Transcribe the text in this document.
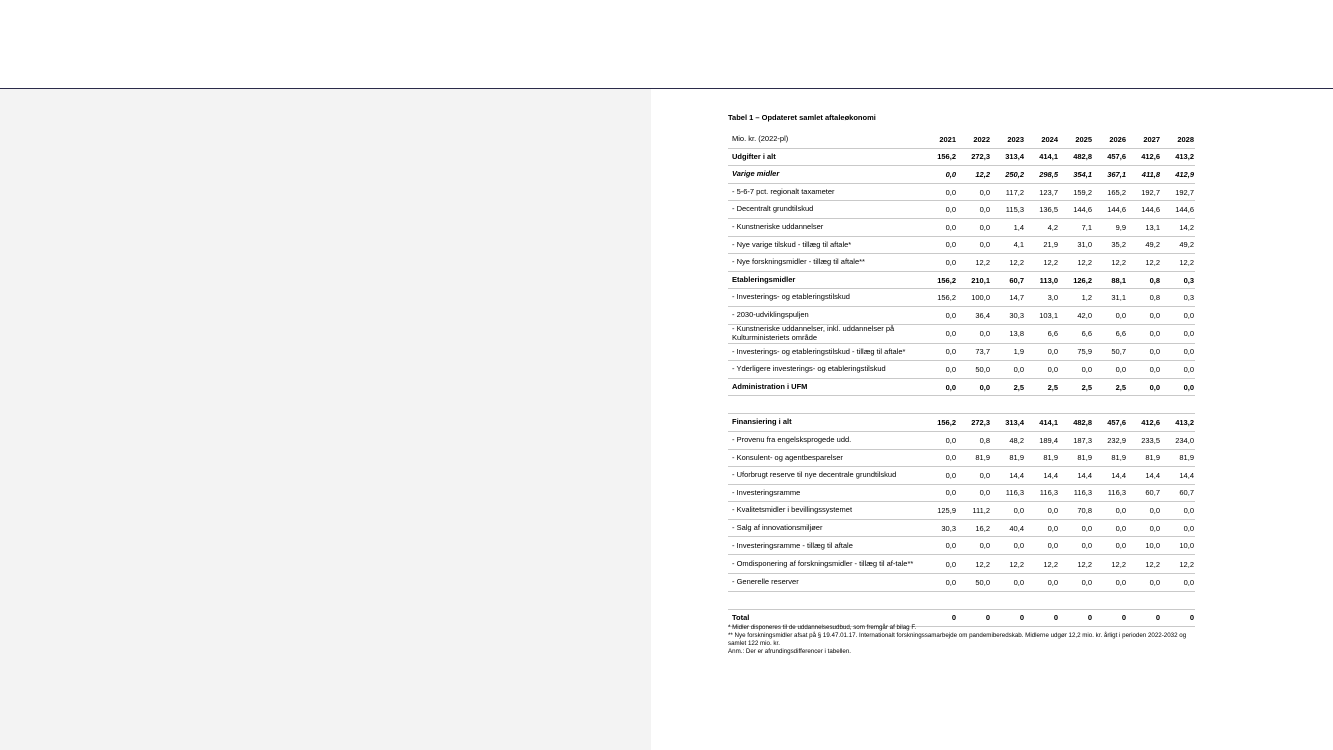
Tabel 1 – Opdateret samlet aftaleøkonomi
Mio. kr. (2022-pl)	2021	2022	2023	2024	2025	2026	2027	2028
Udgifter i alt	156,2	272,3	313,4	414,1	482,8	457,6	412,6	413,2
Varige midler	0,0	12,2	250,2	298,5	354,1	367,1	411,8	412,9
- 5-6-7 pct. regionalt taxameter	0,0	0,0	117,2	123,7	159,2	165,2	192,7	192,7
- Decentralt grundtilskud	0,0	0,0	115,3	136,5	144,6	144,6	144,6	144,6
- Kunstneriske uddannelser	0,0	0,0	1,4	4,2	7,1	9,9	13,1	14,2
- Nye varige tilskud - tillæg til aftale*	0,0	0,0	4,1	21,9	31,0	35,2	49,2	49,2
- Nye forskningsmidler - tillæg til aftale**	0,0	12,2	12,2	12,2	12,2	12,2	12,2	12,2
Etableringsmidler	156,2	210,1	60,7	113,0	126,2	88,1	0,8	0,3
- Investerings- og etableringstilskud	156,2	100,0	14,7	3,0	1,2	31,1	0,8	0,3
- 2030-udviklingspuljen	0,0	36,4	30,3	103,1	42,0	0,0	0,0	0,0
- Kunstneriske uddannelser, inkl. uddannelser på Kulturministeriets område	0,0	0,0	13,8	6,6	6,6	6,6	0,0	0,0
- Investerings- og etableringstilskud - tillæg til aftale*	0,0	73,7	1,9	0,0	75,9	50,7	0,0	0,0
- Yderligere investerings- og etableringstilskud	0,0	50,0	0,0	0,0	0,0	0,0	0,0	0,0
Administration i UFM	0,0	0,0	2,5	2,5	2,5	2,5	0,0	0,0

Finansiering i alt	156,2	272,3	313,4	414,1	482,8	457,6	412,6	413,2
- Provenu fra engelsksprogede udd.	0,0	0,8	48,2	189,4	187,3	232,9	233,5	234,0
- Konsulent- og agentbesparelser	0,0	81,9	81,9	81,9	81,9	81,9	81,9	81,9
- Uforbrugt reserve til nye decentrale grundtilskud	0,0	0,0	14,4	14,4	14,4	14,4	14,4	14,4
- Investeringsramme	0,0	0,0	116,3	116,3	116,3	116,3	60,7	60,7
- Kvalitetsmidler i bevillingssystemet	125,9	111,2	0,0	0,0	70,8	0,0	0,0	0,0
- Salg af innovationsmiljøer	30,3	16,2	40,4	0,0	0,0	0,0	0,0	0,0
- Investeringsramme - tillæg til aftale	0,0	0,0	0,0	0,0	0,0	0,0	10,0	10,0
- Omdisponering af forskningsmidler - tillæg til af-tale**	0,0	12,2	12,2	12,2	12,2	12,2	12,2	12,2
- Generelle reserver	0,0	50,0	0,0	0,0	0,0	0,0	0,0	0,0

Total	0	0	0	0	0	0	0	0
* Midler disponeres til de uddannelsesudbud, som fremgår af bilag F.
** Nye forskningsmidler afsat på § 19.47.01.17. Internationalt forskningssamarbejde om pandemiberedskab. Midlerne udgør 12,2 mio. kr. årligt i perioden 2022-2032 og samlet 122 mio. kr.
Anm.: Der er afrundingsdifferencer i tabellen.
